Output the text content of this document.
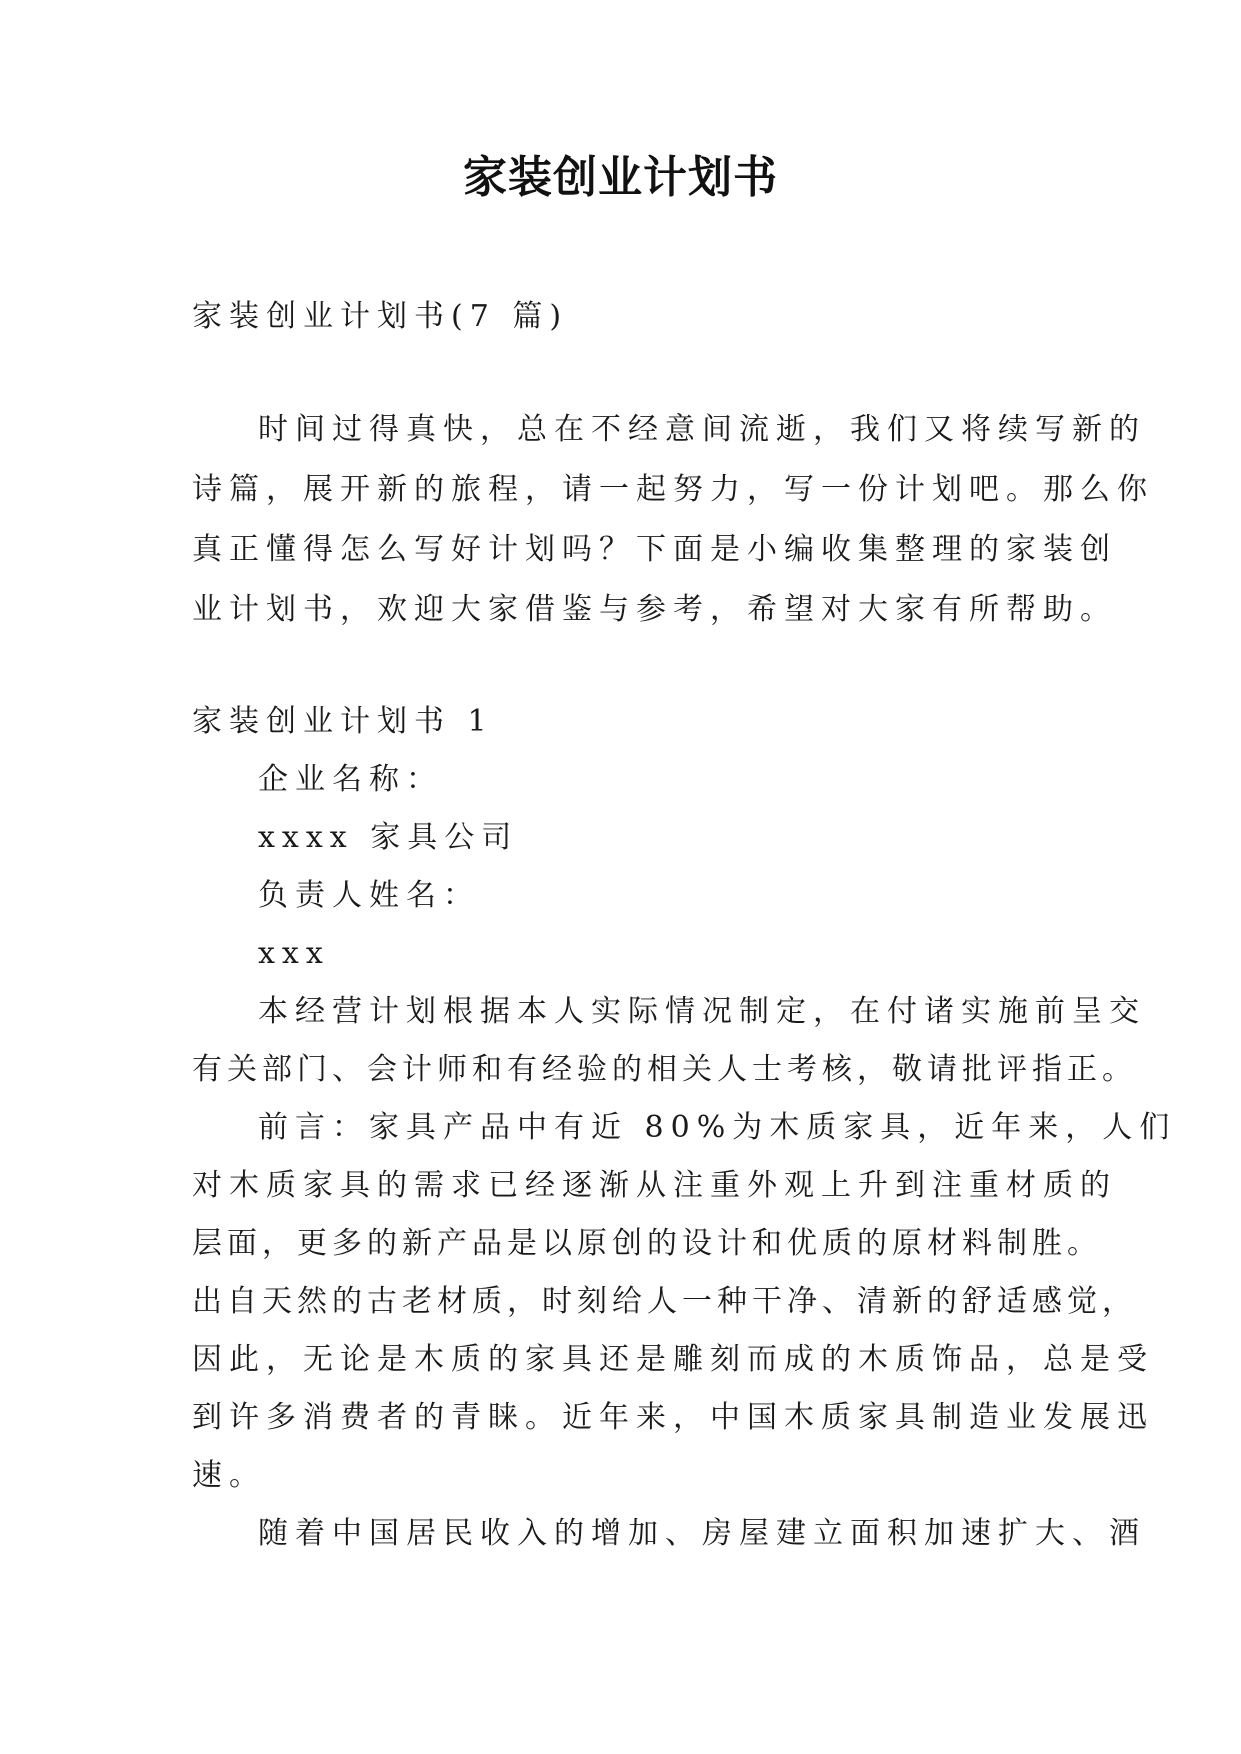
家装创业计划书
家装创业计划书(7 篇)
时间过得真快，总在不经意间流逝，我们又将续写新的
诗篇，展开新的旅程，请一起努力，写一份计划吧。那么你
真正懂得怎么写好计划吗？下面是小编收集整理的家装创
业计划书，欢迎大家借鉴与参考，希望对大家有所帮助。
家装创业计划书 1
企业名称：
xxxx 家具公司
负责人姓名：
xxx
本经营计划根据本人实际情况制定，在付诸实施前呈交
有关部门、会计师和有经验的相关人士考核，敬请批评指正。
前言：家具产品中有近 80%为木质家具，近年来，人们
对木质家具的需求已经逐渐从注重外观上升到注重材质的
层面，更多的新产品是以原创的设计和优质的原材料制胜。
出自天然的古老材质，时刻给人一种干净、清新的舒适感觉，
因此，无论是木质的家具还是雕刻而成的木质饰品，总是受
到许多消费者的青睐。近年来，中国木质家具制造业发展迅
速。
随着中国居民收入的增加、房屋建立面积加速扩大、酒
